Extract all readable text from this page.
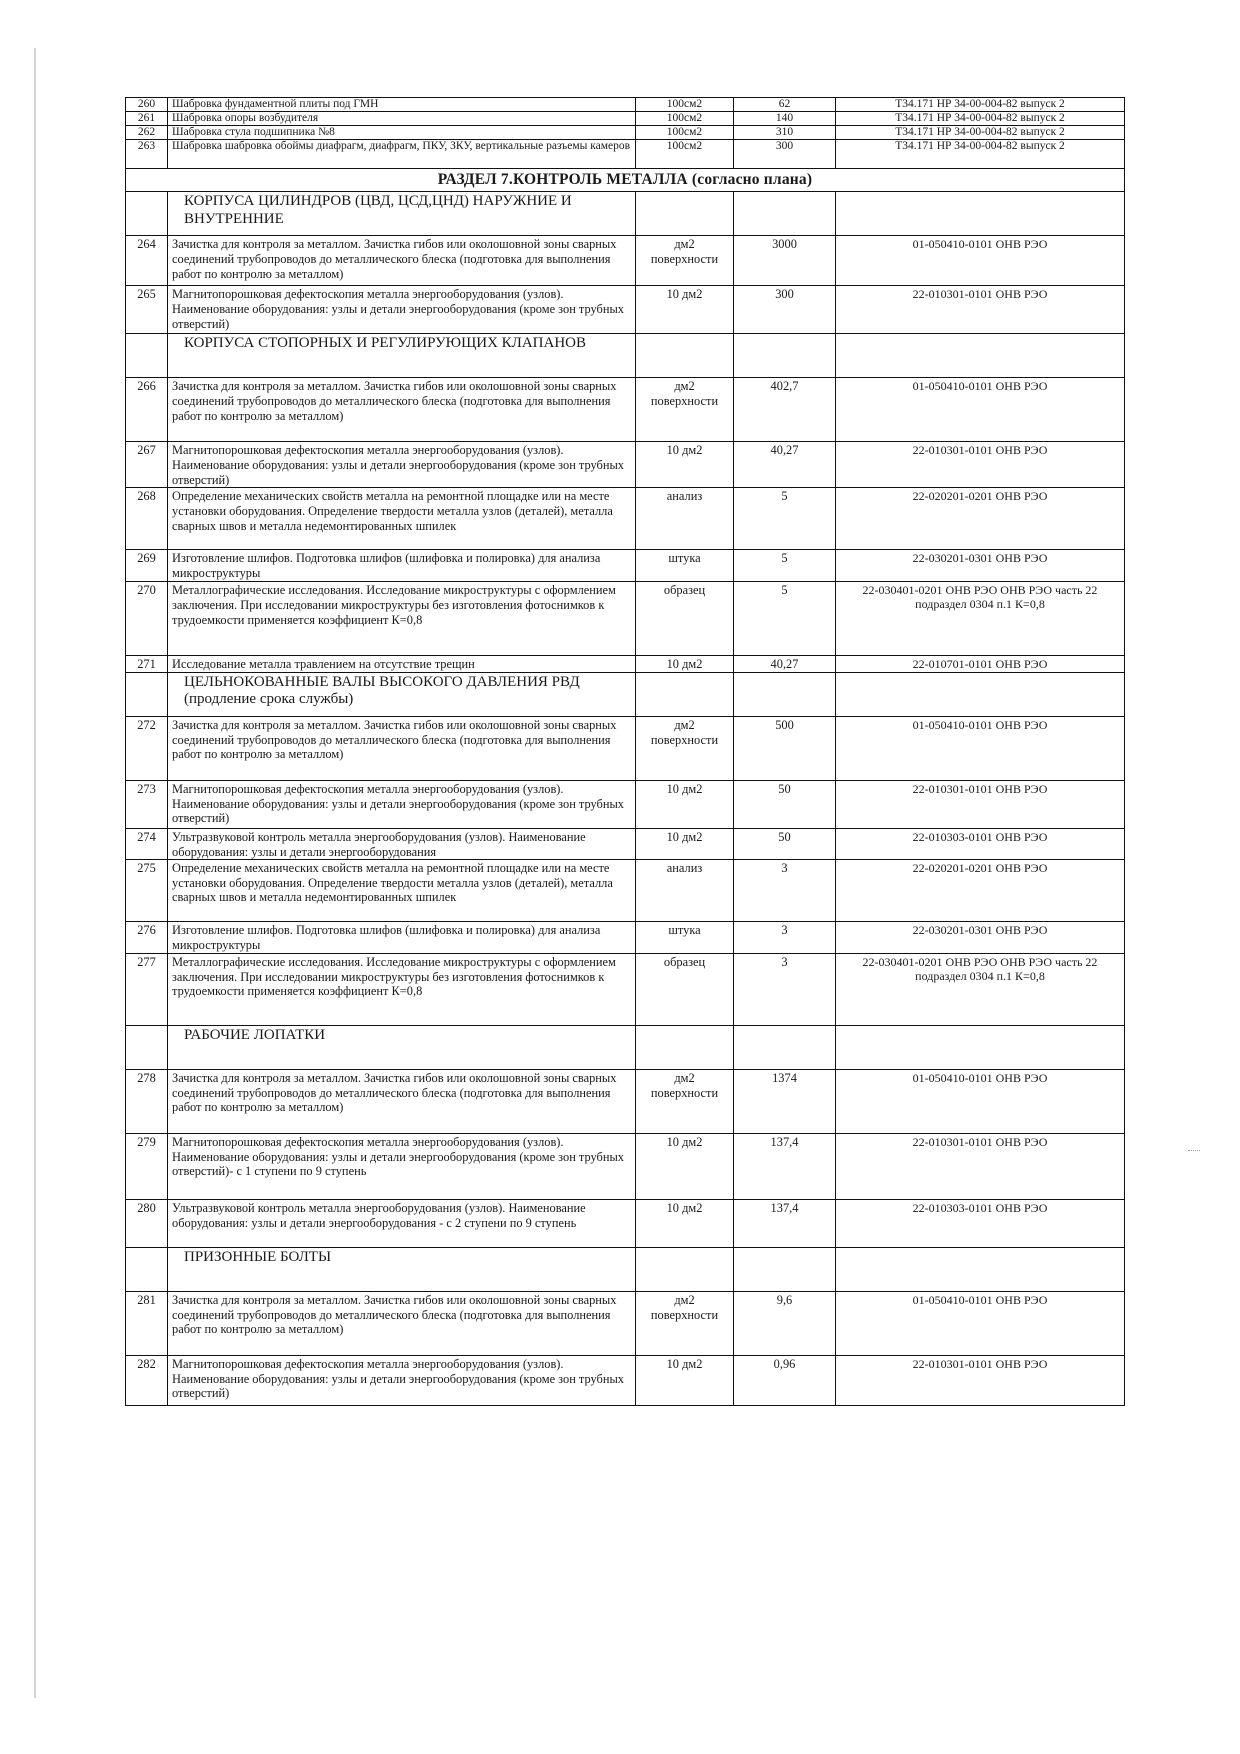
260	Шабровка фундаментной плиты под ГМН	100см2	62	Т34.171 НР 34-00-004-82 выпуск 2
261	Шабровка опоры возбудителя	100см2	140	Т34.171 НР 34-00-004-82 выпуск 2
262	Шабровка стула подшипника №8	100см2	310	Т34.171 НР 34-00-004-82 выпуск 2
263	Шабровка шабровка обоймы диафрагм, диафрагм, ПКУ, ЗКУ, вертикальные разъемы камеров	100см2	300	Т34.171 НР 34-00-004-82 выпуск 2
РАЗДЕЛ 7.КОНТРОЛЬ МЕТАЛЛА (согласно плана)				
	КОРПУСА ЦИЛИНДРОВ (ЦВД, ЦСД,ЦНД) НАРУЖНИЕ И ВНУТРЕННИЕ			
264	Зачистка для контроля за металлом. Зачистка гибов или околошовной зоны сварных соединений трубопроводов до металлического блеска (подготовка для выполнения работ по контролю за металлом)	дм2 поверхности	3000	01-050410-0101 ОНВ РЭО
265	Магнитопорошковая дефектоскопия металла энергооборудования (узлов). Наименование оборудования: узлы и детали энергооборудования (кроме зон трубных отверстий)	10 дм2	300	22-010301-0101 ОНВ РЭО
	КОРПУСА СТОПОРНЫХ И РЕГУЛИРУЮЩИХ КЛАПАНОВ			
266	Зачистка для контроля за металлом. Зачистка гибов или околошовной зоны сварных соединений трубопроводов до металлического блеска (подготовка для выполнения работ по контролю за металлом)	дм2 поверхности	402,7	01-050410-0101 ОНВ РЭО
267	Магнитопорошковая дефектоскопия металла энергооборудования (узлов). Наименование оборудования: узлы и детали энергооборудования (кроме зон трубных отверстий)	10 дм2	40,27	22-010301-0101 ОНВ РЭО
268	Определение механических свойств металла на ремонтной площадке или на месте установки оборудования. Определение твердости металла узлов (деталей), металла сварных швов и металла недемонтированных шпилек	анализ	5	22-020201-0201 ОНВ РЭО
269	Изготовление шлифов. Подготовка шлифов (шлифовка и полировка) для анализа микроструктуры	штука	5	22-030201-0301 ОНВ РЭО
270	Металлографические исследования. Исследование микроструктуры с оформлением заключения. При исследовании микроструктуры без изготовления фотоснимков к трудоемкости применяется коэффициент К=0,8	образец	5	22-030401-0201 ОНВ РЭО ОНВ РЭО часть 22 подраздел 0304 п.1 К=0,8
271	Исследование металла травлением на отсутствие трещин	10 дм2	40,27	22-010701-0101 ОНВ РЭО
	ЦЕЛЬНОКОВАННЫЕ ВАЛЫ ВЫСОКОГО ДАВЛЕНИЯ РВД (продление срока службы)			
272	Зачистка для контроля за металлом. Зачистка гибов или околошовной зоны сварных соединений трубопроводов до металлического блеска (подготовка для выполнения работ по контролю за металлом)	дм2 поверхности	500	01-050410-0101 ОНВ РЭО
273	Магнитопорошковая дефектоскопия металла энергооборудования (узлов). Наименование оборудования: узлы и детали энергооборудования (кроме зон трубных отверстий)	10 дм2	50	22-010301-0101 ОНВ РЭО
274	Ультразвуковой контроль металла энергооборудования (узлов). Наименование оборудования: узлы и детали энергооборудования	10 дм2	50	22-010303-0101 ОНВ РЭО
275	Определение механических свойств металла на ремонтной площадке или на месте установки оборудования. Определение твердости металла узлов (деталей), металла сварных швов и металла недемонтированных шпилек	анализ	3	22-020201-0201 ОНВ РЭО
276	Изготовление шлифов. Подготовка шлифов (шлифовка и полировка) для анализа микроструктуры	штука	3	22-030201-0301 ОНВ РЭО
277	Металлографические исследования. Исследование микроструктуры с оформлением заключения. При исследовании микроструктуры без изготовления фотоснимков к трудоемкости применяется коэффициент К=0,8	образец	3	22-030401-0201 ОНВ РЭО ОНВ РЭО часть 22 подраздел 0304 п.1 К=0,8
	РАБОЧИЕ ЛОПАТКИ			
278	Зачистка для контроля за металлом. Зачистка гибов или околошовной зоны сварных соединений трубопроводов до металлического блеска (подготовка для выполнения работ по контролю за металлом)	дм2 поверхности	1374	01-050410-0101 ОНВ РЭО
279	Магнитопорошковая дефектоскопия металла энергооборудования (узлов). Наименование оборудования: узлы и детали энергооборудования (кроме зон трубных отверстий)- с 1 ступени по 9 ступень	10 дм2	137,4	22-010301-0101 ОНВ РЭО
280	Ультразвуковой контроль металла энергооборудования (узлов). Наименование оборудования: узлы и детали энергооборудования - с 2 ступени по 9 ступень	10 дм2	137,4	22-010303-0101 ОНВ РЭО
	ПРИЗОННЫЕ БОЛТЫ			
281	Зачистка для контроля за металлом. Зачистка гибов или околошовной зоны сварных соединений трубопроводов до металлического блеска (подготовка для выполнения работ по контролю за металлом)	дм2 поверхности	9,6	01-050410-0101 ОНВ РЭО
282	Магнитопорошковая дефектоскопия металла энергооборудования (узлов). Наименование оборудования: узлы и детали энергооборудования (кроме зон трубных отверстий)	10 дм2	0,96	22-010301-0101 ОНВ РЭО
